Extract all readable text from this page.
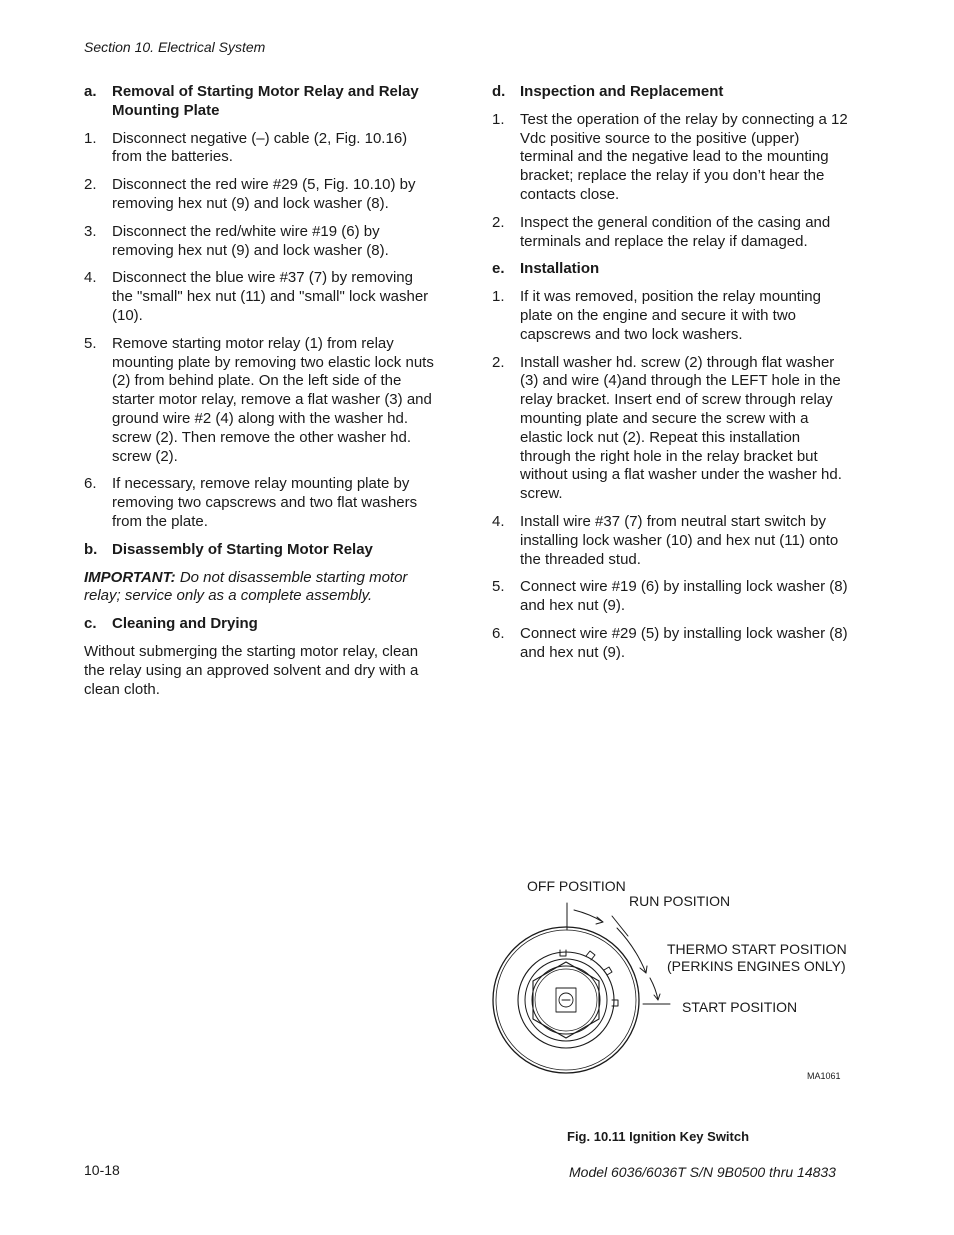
Section 10. Electrical System
a.	Removal of Starting Motor Relay and Relay Mounting Plate
1.	Disconnect negative (–) cable (2, Fig. 10.16) from the batteries.
2.	Disconnect the red wire #29 (5, Fig. 10.10) by removing hex nut (9) and lock washer (8).
3.	Disconnect the red/white wire #19 (6) by removing hex nut (9) and lock washer (8).
4.	Disconnect the blue wire #37 (7) by removing the "small" hex nut (11) and "small" lock washer (10).
5.	Remove starting motor relay (1) from relay mounting plate by removing two elastic lock nuts (2) from behind plate. On the left side of the starter motor relay, remove a flat washer (3) and ground wire #2 (4) along with the washer hd. screw (2). Then remove the other washer hd. screw (2).
6.	If necessary, remove relay mounting plate by removing two capscrews and two flat washers from the plate.
b. Disassembly of Starting Motor Relay
IMPORTANT: Do not disassemble starting motor relay; service only as a complete assembly.
c.	Cleaning and Drying
Without submerging the starting motor relay, clean the relay using an approved solvent and dry with a clean cloth.
d. Inspection and Replacement
1.	Test the operation of the relay by connecting a 12 Vdc positive source to the positive (upper) terminal and the negative lead to the mounting bracket; replace the relay if you don’t hear the contacts close.
2.	Inspect the general condition of the casing and terminals and replace the relay if damaged.
e.	Installation
1.	If it was removed, position the relay mounting plate on the engine and secure it with two capscrews and two lock washers.
2.	Install washer hd. screw (2) through flat washer (3) and wire (4)and through the LEFT hole in the relay bracket. Insert end of screw through relay mounting plate and secure the screw with a elastic lock nut (2). Repeat this installation through the right hole in the relay bracket but without using a flat washer under the washer hd. screw.
4.	Install wire #37 (7) from neutral start switch by installing lock washer (10) and hex nut (11) onto the threaded stud.
5.	Connect wire #19 (6) by installing lock washer (8) and hex nut (9).
6.	Connect wire #29 (5) by installing lock washer (8) and hex nut (9).
OFF POSITION
RUN POSITION
THERMO START POSITION
(PERKINS ENGINES ONLY)
START POSITION
MA1061
Fig. 10.11 Ignition Key Switch
10-18	Model 6036/6036T S/N 9B0500 thru 14833
